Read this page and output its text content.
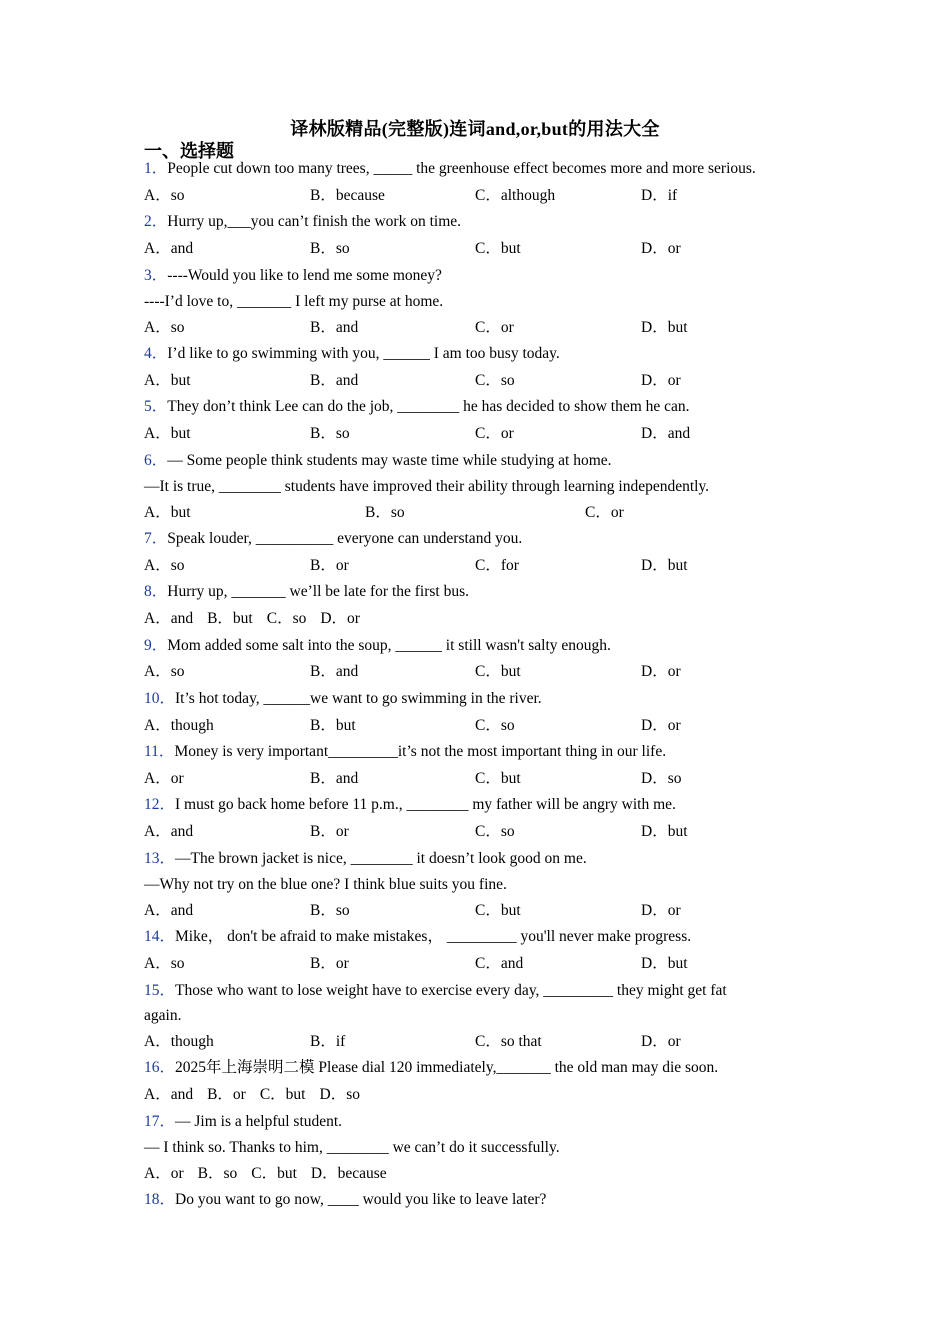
译林版精品(完整版)连词and,or,but的用法大全
一、选择题
1．People cut down too many trees, _____ the greenhouse effect becomes more and more serious.
A．so	B．because	C．although	D．if
2．Hurry up,___you can’t finish the work on time.
A．and	B．so	C．but	D．or
3．----Would you like to lend me some money?
----I’d love to, _______ I left my purse at home.
A．so	B．and	C．or	D．but
4．I’d like to go swimming with you, ______ I am too busy today.
A．but	B．and	C．so	D．or
5．They don’t think Lee can do the job, ________ he has decided to show them he can.
A．but	B．so	C．or	D．and
6．— Some people think students may waste time while studying at home.
—It is true, ________ students have improved their ability through learning independently.
A．but	B．so	C．or
7．Speak louder, __________ everyone can understand you.
A．so	B．or	C．for	D．but
8．Hurry up, _______ we’ll be late for the first bus.
A．and B．but C．so D．or
9．Mom added some salt into the soup, ______ it still wasn't salty enough.
A．so	B．and	C．but	D．or
10．It’s hot today, ______we want to go swimming in the river.
A．though	B．but	C．so	D．or
11．Money is very important_________it’s not the most important thing in our life.
A．or	B．and	C．but	D．so
12．I must go back home before 11 p.m., ________ my father will be angry with me.
A．and	B．or	C．so	D．but
13．—The brown jacket is nice, ________ it doesn’t look good on me.
—Why not try on the blue one? I think blue suits you fine.
A．and	B．so	C．but	D．or
14．Mike， don't be afraid to make mistakes， _________ you'll never make progress.
A．so	B．or	C．and	D．but
15．Those who want to lose weight have to exercise every day, _________ they might get fat
again.
A．though	B．if	C．so that	D．or
16．2025年上海崇明二模 Please dial 120 immediately,_______ the old man may die soon.
A．and B．or C．but D．so
17．— Jim is a helpful student.
— I think so. Thanks to him, ________ we can’t do it successfully.
A．or B．so C．but D．because
18．Do you want to go now, ____ would you like to leave later?
